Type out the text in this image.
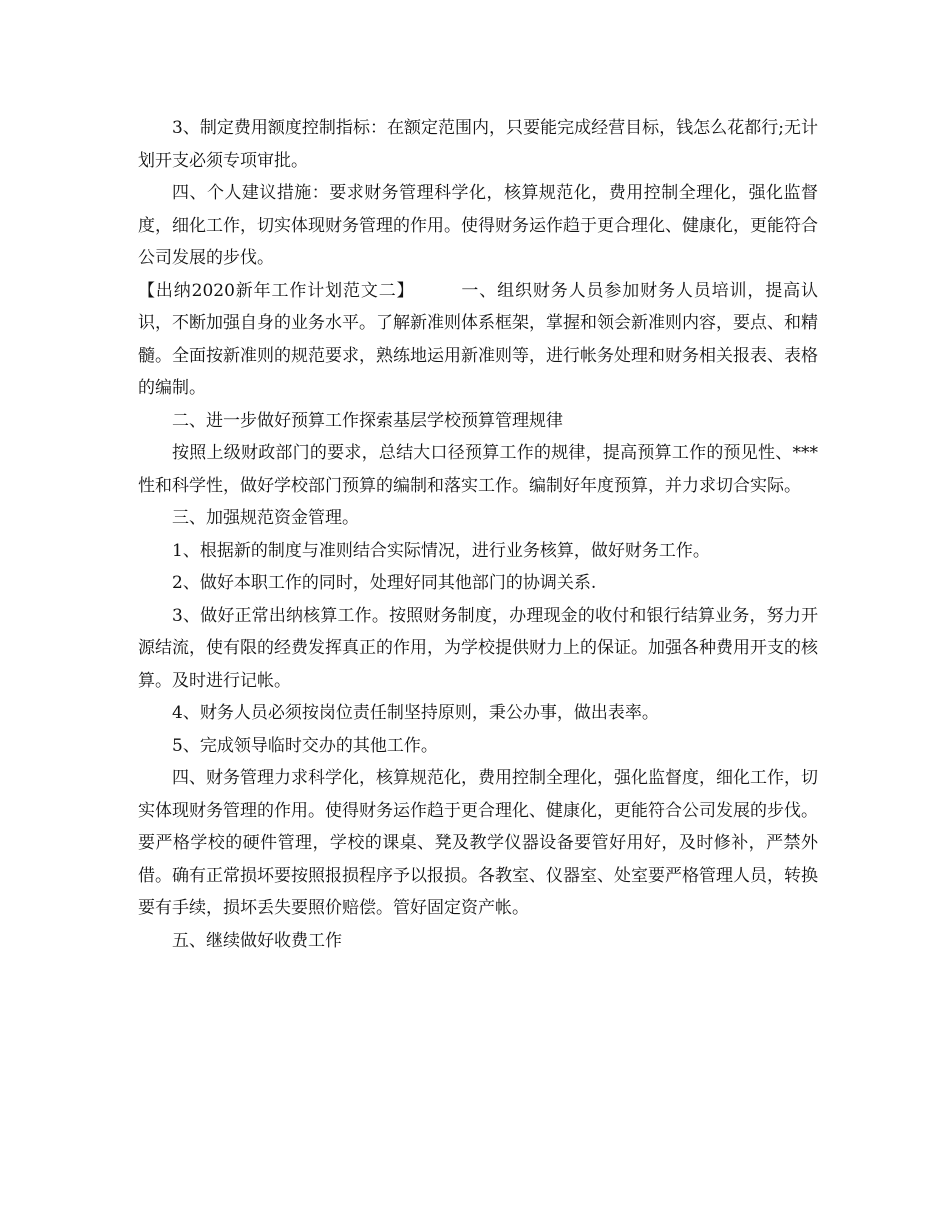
3、制定费用额度控制指标：在额定范围内，只要能完成经营目标，钱怎么花都行;无计划开支必须专项审批。

四、个人建议措施：要求财务管理科学化，核算规范化，费用控制全理化，强化监督度，细化工作，切实体现财务管理的作用。使得财务运作趋于更合理化、健康化，更能符合公司发展的步伐。

【出纳2020新年工作计划范文二】	一、组织财务人员参加财务人员培训，提高认识，不断加强自身的业务水平。了解新准则体系框架，掌握和领会新准则内容，要点、和精髓。全面按新准则的规范要求，熟练地运用新准则等，进行帐务处理和财务相关报表、表格的编制。

二、进一步做好预算工作探索基层学校预算管理规律

按照上级财政部门的要求，总结大口径预算工作的规律，提高预算工作的预见性、***性和科学性，做好学校部门预算的编制和落实工作。编制好年度预算，并力求切合实际。

三、加强规范资金管理。

1、根据新的制度与准则结合实际情况，进行业务核算，做好财务工作。

2、做好本职工作的同时，处理好同其他部门的协调关系.

3、做好正常出纳核算工作。按照财务制度，办理现金的收付和银行结算业务，努力开源结流，使有限的经费发挥真正的作用，为学校提供财力上的保证。加强各种费用开支的核算。及时进行记帐。

4、财务人员必须按岗位责任制坚持原则，秉公办事，做出表率。

5、完成领导临时交办的其他工作。

四、财务管理力求科学化，核算规范化，费用控制全理化，强化监督度，细化工作，切实体现财务管理的作用。使得财务运作趋于更合理化、健康化，更能符合公司发展的步伐。要严格学校的硬件管理，学校的课桌、凳及教学仪器设备要管好用好，及时修补，严禁外借。确有正常损坏要按照报损程序予以报损。各教室、仪器室、处室要严格管理人员，转换要有手续，损坏丢失要照价赔偿。管好固定资产帐。

五、继续做好收费工作
